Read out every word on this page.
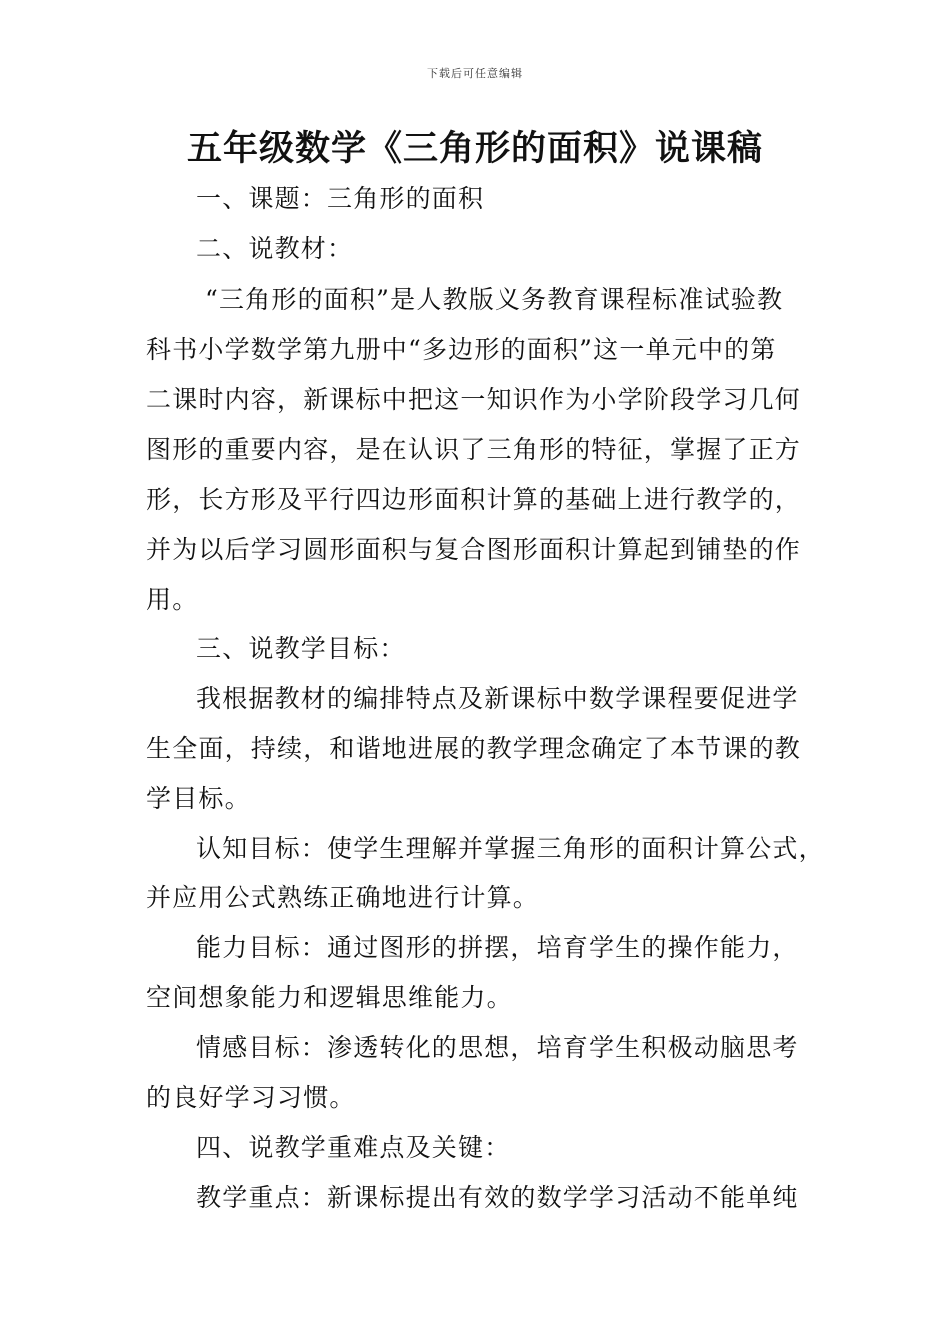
下载后可任意编辑
五年级数学《三角形的面积》说课稿
一、课题：三角形的面积
二、说教材：
“三角形的面积”是人教版义务教育课程标准试验教
科书小学数学第九册中“多边形的面积”这一单元中的第
二课时内容，新课标中把这一知识作为小学阶段学习几何
图形的重要内容，是在认识了三角形的特征，掌握了正方
形，长方形及平行四边形面积计算的基础上进行教学的，
并为以后学习圆形面积与复合图形面积计算起到铺垫的作
用。
三、说教学目标：
我根据教材的编排特点及新课标中数学课程要促进学
生全面，持续，和谐地进展的教学理念确定了本节课的教
学目标。
认知目标：使学生理解并掌握三角形的面积计算公式，
并应用公式熟练正确地进行计算。
能力目标：通过图形的拼摆，培育学生的操作能力，
空间想象能力和逻辑思维能力。
情感目标：渗透转化的思想，培育学生积极动脑思考
的良好学习习惯。
四、说教学重难点及关键：
教学重点：新课标提出有效的数学学习活动不能单纯
